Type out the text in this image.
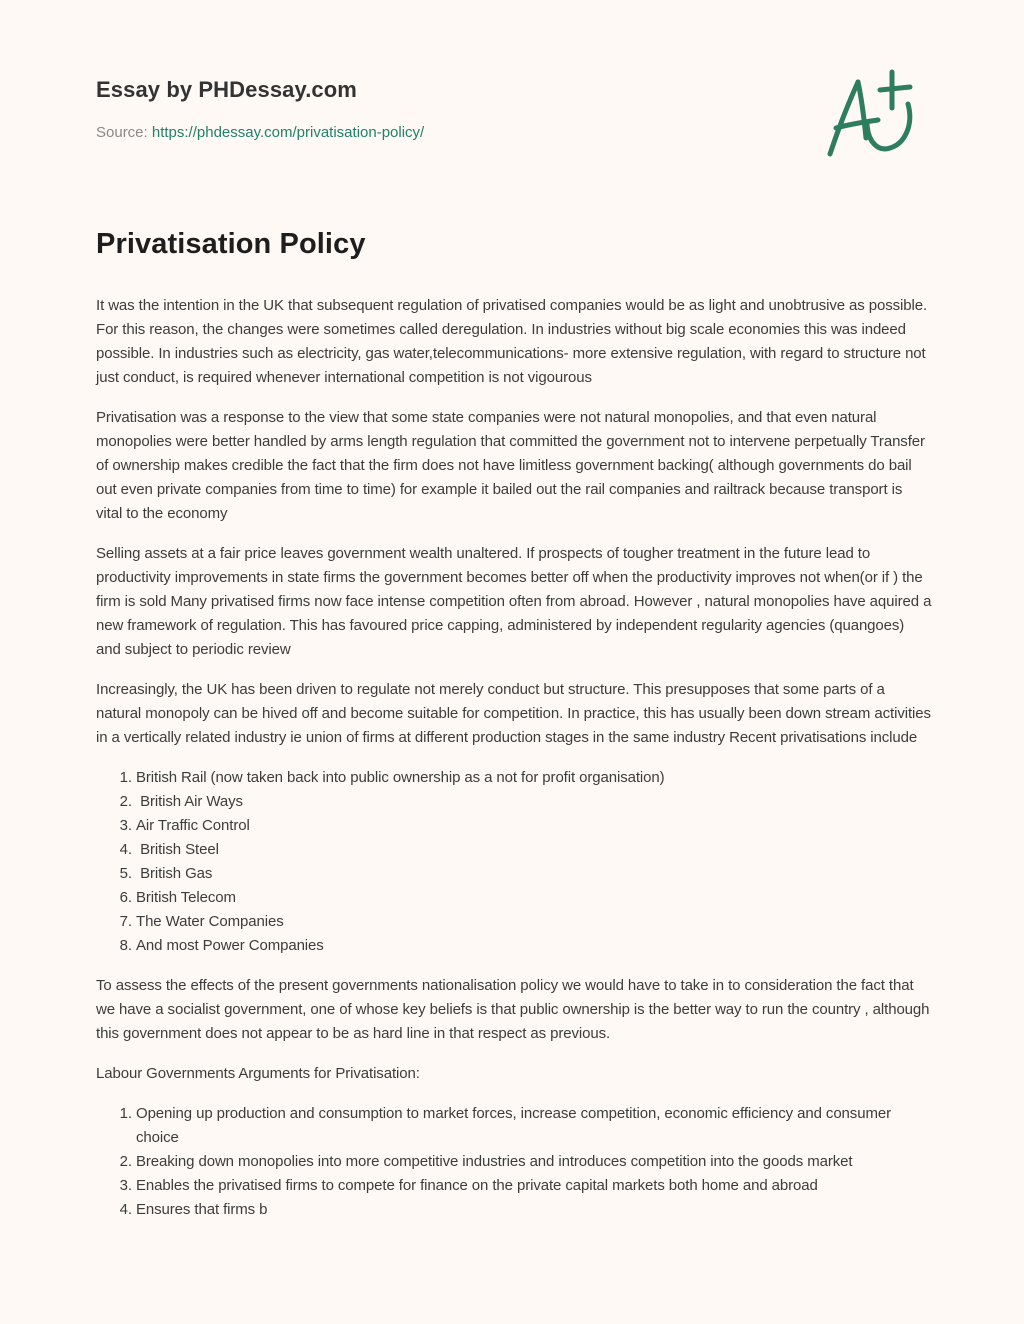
Essay by PHDessay.com
Source: https://phdessay.com/privatisation-policy/
Privatisation Policy

It was the intention in the UK that subsequent regulation of privatised companies would be as light and unobtrusive as possible. For this reason, the changes were sometimes called deregulation. In industries without big scale economies this was indeed possible. In industries such as electricity, gas water,telecommunications- more extensive regulation, with regard to structure not just conduct, is required whenever international competition is not vigourous

Privatisation was a response to the view that some state companies were not natural monopolies, and that even natural monopolies were better handled by arms length regulation that committed the government not to intervene perpetually Transfer of ownership makes credible the fact that the firm does not have limitless government backing( although governments do bail out even private companies from time to time) for example it bailed out the rail companies and railtrack because transport is vital to the economy

Selling assets at a fair price leaves government wealth unaltered. If prospects of tougher treatment in the future lead to productivity improvements in state firms the government becomes better off when the productivity improves not when(or if ) the firm is sold Many privatised firms now face intense competition often from abroad. However , natural monopolies have aquired a new framework of regulation. This has favoured price capping, administered by independent regularity agencies (quangoes) and subject to periodic review

Increasingly, the UK has been driven to regulate not merely conduct but structure. This presupposes that some parts of a natural monopoly can be hived off and become suitable for competition. In practice, this has usually been down stream activities in a vertically related industry ie union of firms at different production stages in the same industry Recent privatisations include

1. British Rail (now taken back into public ownership as a not for profit organisation)
2.  British Air Ways
3. Air Traffic Control
4.  British Steel
5.  British Gas
6. British Telecom
7. The Water Companies
8. And most Power Companies

To assess the effects of the present governments nationalisation policy we would have to take in to consideration the fact that we have a socialist government, one of whose key beliefs is that public ownership is the better way to run the country , although this government does not appear to be as hard line in that respect as previous.

Labour Governments Arguments for Privatisation:

1. Opening up production and consumption to market forces, increase competition, economic efficiency and consumer choice
2. Breaking down monopolies into more competitive industries and introduces competition into the goods market
3. Enables the privatised firms to compete for finance on the private capital markets both home and abroad
4. Ensures that firms b
